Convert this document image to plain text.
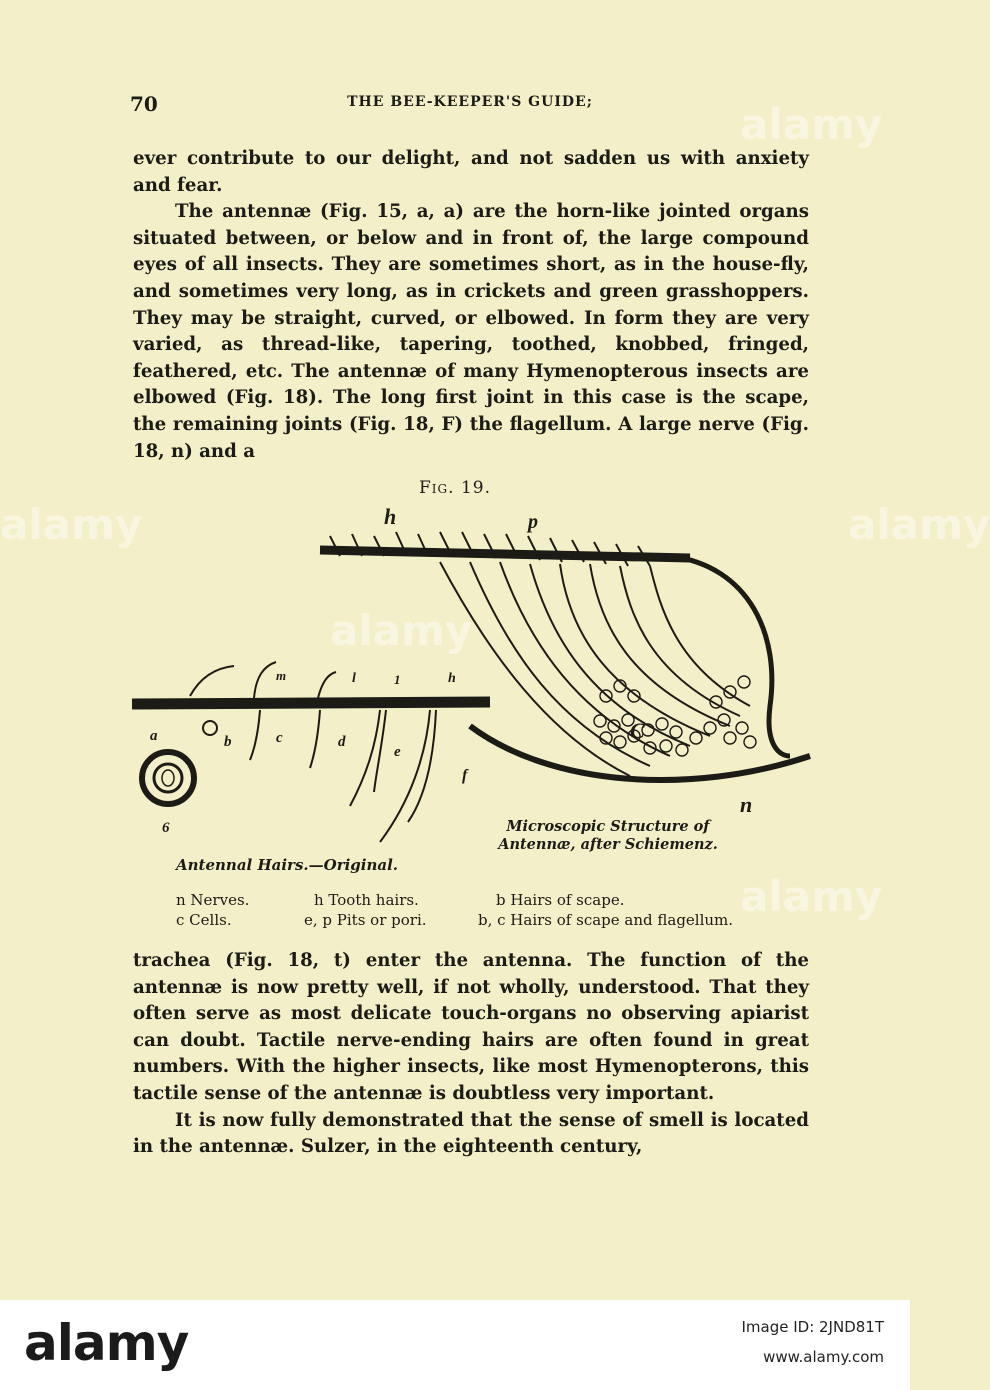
70	THE BEE-KEEPER'S GUIDE;

ever contribute to our delight, and not sadden us with anxiety and fear.

The antennæ (Fig. 15, a, a) are the horn-like jointed organs situated between, or below and in front of, the large compound eyes of all insects. They are sometimes short, as in the house-fly, and sometimes very long, as in crickets and green grasshoppers. They may be straight, curved, or elbowed. In form they are very varied, as thread-like, tapering, toothed, knobbed, fringed, feathered, etc. The antennæ of many Hymenopterous insects are elbowed (Fig. 18). The long first joint in this case is the scape, the remaining joints (Fig. 18, F) the flagellum. A large nerve (Fig. 18, n) and a

Fig. 19.
h	p
m	l	1	h
a	b	c	d
e
f
6
C
n
Microscopic Structure of Antennæ, after Schiemenz.
Antennal Hairs.—Original.
n Nerves.	h Tooth hairs.	b Hairs of scape.
c Cells.	e, p Pits or pori.	b, c Hairs of scape and flagellum.

trachea (Fig. 18, t) enter the antenna. The function of the antennæ is now pretty well, if not wholly, understood. That they often serve as most delicate touch-organs no observing apiarist can doubt. Tactile nerve-ending hairs are often found in great numbers. With the higher insects, like most Hymenopterons, this tactile sense of the antennæ is doubtless very important.

It is now fully demonstrated that the sense of smell is located in the antennæ. Sulzer, in the eighteenth century,

alamy
alamy	alamy
alamy
alamy
alamy	Image ID: 2JND81T
www.alamy.com
